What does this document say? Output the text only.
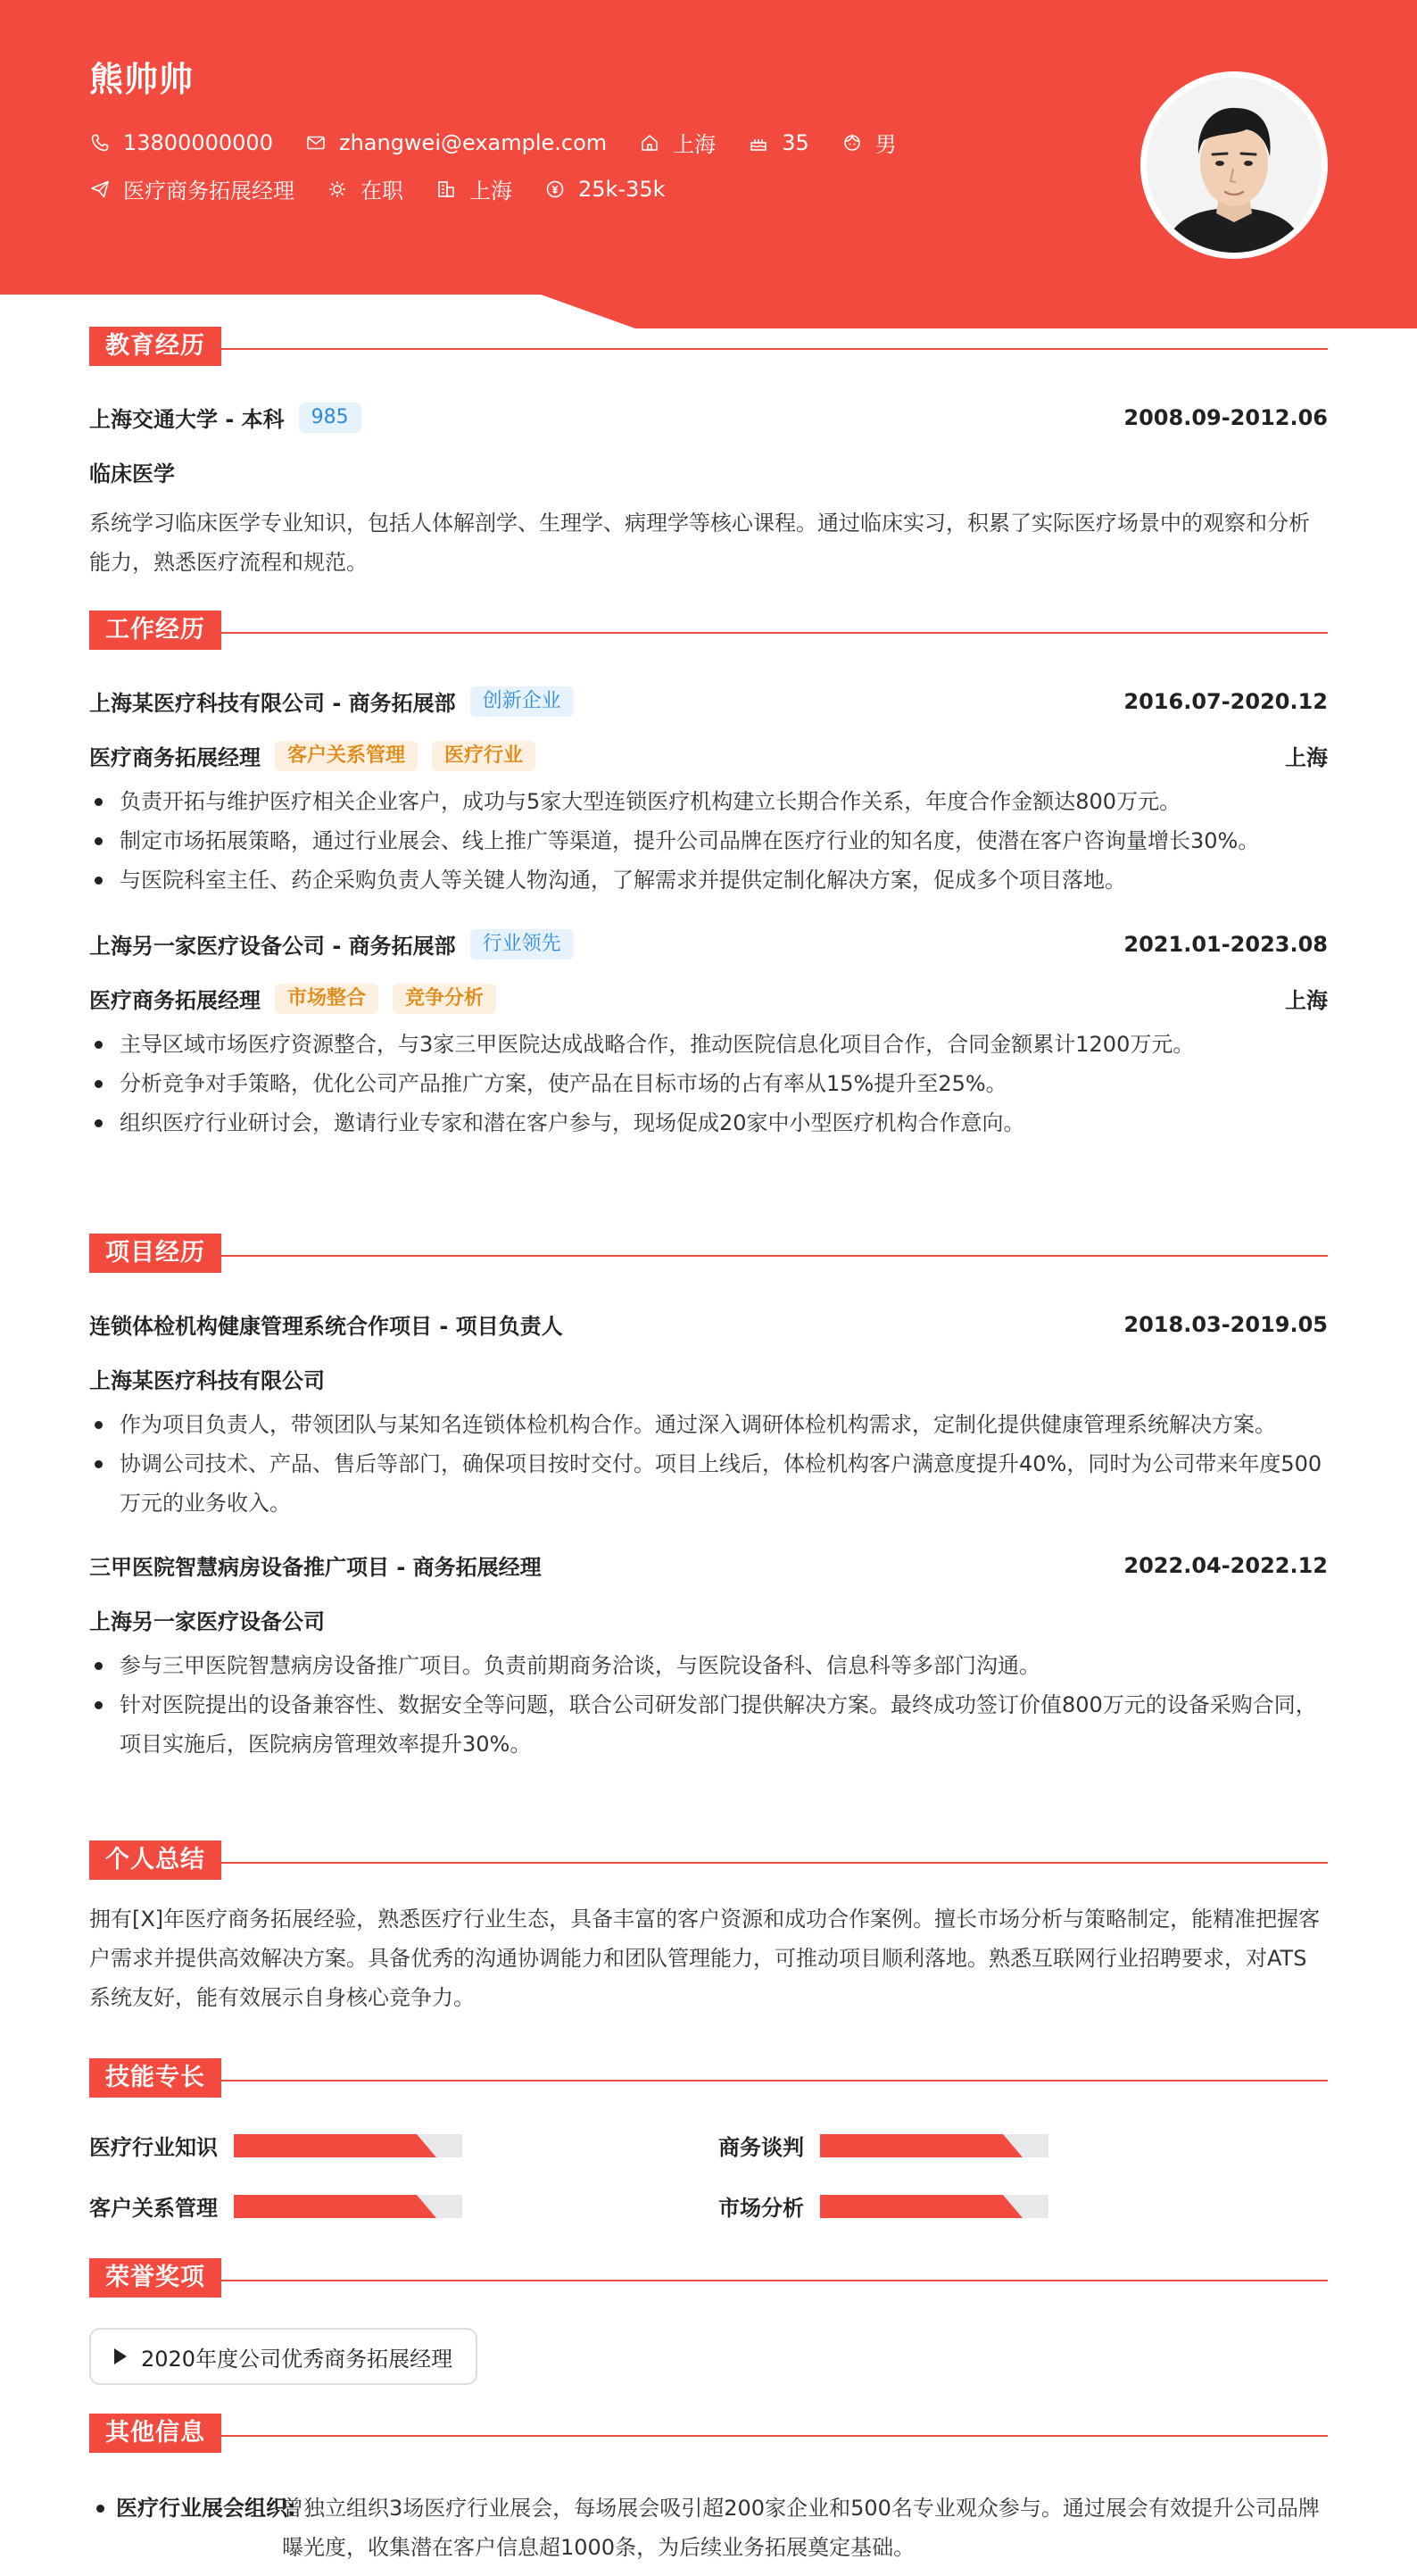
熊帅帅
13800000000	zhangwei@example.com	上海	35	男
医疗商务拓展经理	在职	上海	25k-35k
教育经历
上海交通大学 - 本科	985	2008.09-2012.06
临床医学
系统学习临床医学专业知识，包括人体解剖学、生理学、病理学等核心课程。通过临床实习，积累了实际医疗场景中的观察和分析能力，熟悉医疗流程和规范。
工作经历
上海某医疗科技有限公司 - 商务拓展部	创新企业	2016.07-2020.12
医疗商务拓展经理	客户关系管理	医疗行业	上海
负责开拓与维护医疗相关企业客户，成功与5家大型连锁医疗机构建立长期合作关系，年度合作金额达800万元。
制定市场拓展策略，通过行业展会、线上推广等渠道，提升公司品牌在医疗行业的知名度，使潜在客户咨询量增长30%。
与医院科室主任、药企采购负责人等关键人物沟通，了解需求并提供定制化解决方案，促成多个项目落地。
上海另一家医疗设备公司 - 商务拓展部	行业领先	2021.01-2023.08
医疗商务拓展经理	市场整合	竞争分析	上海
主导区域市场医疗资源整合，与3家三甲医院达成战略合作，推动医院信息化项目合作，合同金额累计1200万元。
分析竞争对手策略，优化公司产品推广方案，使产品在目标市场的占有率从15%提升至25%。
组织医疗行业研讨会，邀请行业专家和潜在客户参与，现场促成20家中小型医疗机构合作意向。
项目经历
连锁体检机构健康管理系统合作项目 - 项目负责人	2018.03-2019.05
上海某医疗科技有限公司
作为项目负责人，带领团队与某知名连锁体检机构合作。通过深入调研体检机构需求，定制化提供健康管理系统解决方案。
协调公司技术、产品、售后等部门，确保项目按时交付。项目上线后，体检机构客户满意度提升40%，同时为公司带来年度500万元的业务收入。
三甲医院智慧病房设备推广项目 - 商务拓展经理	2022.04-2022.12
上海另一家医疗设备公司
参与三甲医院智慧病房设备推广项目。负责前期商务洽谈，与医院设备科、信息科等多部门沟通。
针对医院提出的设备兼容性、数据安全等问题，联合公司研发部门提供解决方案。最终成功签订价值800万元的设备采购合同，项目实施后，医院病房管理效率提升30%。
个人总结
拥有[X]年医疗商务拓展经验，熟悉医疗行业生态，具备丰富的客户资源和成功合作案例。擅长市场分析与策略制定，能精准把握客户需求并提供高效解决方案。具备优秀的沟通协调能力和团队管理能力，可推动项目顺利落地。熟悉互联网行业招聘要求，对ATS系统友好，能有效展示自身核心竞争力。
技能专长
医疗行业知识	商务谈判
客户关系管理	市场分析
荣誉奖项
2020年度公司优秀商务拓展经理
其他信息
医疗行业展会组织:
曾独立组织3场医疗行业展会，每场展会吸引超200家企业和500名专业观众参与。通过展会有效提升公司品牌曝光度，收集潜在客户信息超1000条，为后续业务拓展奠定基础。
